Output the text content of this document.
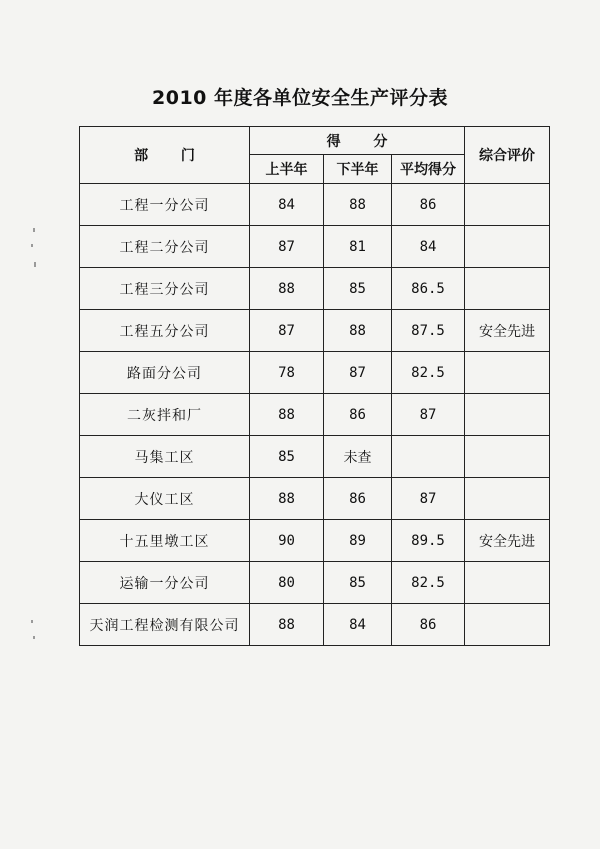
2010 年度各单位安全生产评分表
部 门	得 分			综合评价
	上半年	下半年	平均得分	
工程一分公司	84	88	86	
工程二分公司	87	81	84	
工程三分公司	88	85	86.5	
工程五分公司	87	88	87.5	安全先进
路面分公司	78	87	82.5	
二灰拌和厂	88	86	87	
马集工区	85	未查		
大仪工区	88	86	87	
十五里墩工区	90	89	89.5	安全先进
运输一分公司	80	85	82.5	
天润工程检测有限公司	88	84	86	
